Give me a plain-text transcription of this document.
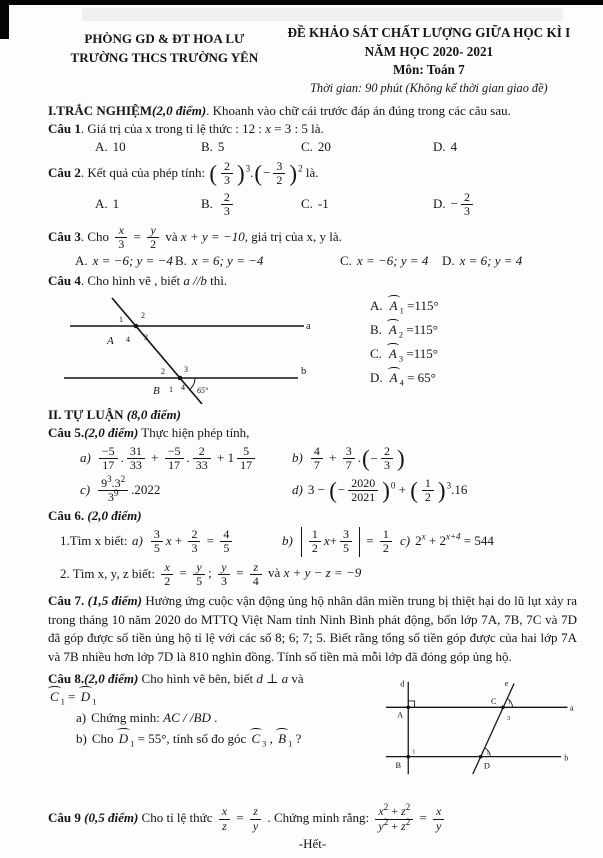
PHÒNG GD & ĐT HOA LƯ
TRƯỜNG THCS TRƯỜNG YÊN
ĐỀ KHẢO SÁT CHẤT LƯỢNG GIỮA HỌC KÌ I
NĂM HỌC 2020- 2021
Môn: Toán 7
Thời gian: 90 phút (Không kể thời gian giao đề)
I.TRẮC NGHIỆM(2,0 điểm). Khoanh vào chữ cái trước đáp án đúng trong các câu sau.
Câu 1. Giá trị của x trong tỉ lệ thức : 12 : x = 3 : 5 là.
A. 10	B. 5	C. 20	D. 4
Câu 2. Kết quả của phép tính: ( $\frac{2}{3}$ ) $^3$. ( − $\frac{3}{2}$ ) $^2$ là.
A. 1	B. $\frac{2}{3}$	C. -1	D. − $\frac{2}{3}$
Câu 3. Cho $\frac{x}{3} = \frac{y}{2}$ và x + y = −10, giá trị của x, y là.
A. x = −6; y = −4 B. x = 6; y = −4	C. x = −6; y = 4	D. x = 6; y = 4
Câu 4. Cho hình vẽ , biết a //b thì.
a
b
A
1 2
3
4
2 3
B 1 4 65°
A. A $_1$ =115°
B. A $_2$ =115°
C. A $_3$ =115°
D. A $_4$ = 65°
II. TỰ LUẬN (8,0 điểm)
Câu 5.(2,0 điểm) Thực hiện phép tính,
$a) \frac{-5}{17}$ . $\frac{31}{33} + \frac{-5}{17}$ . $\frac{2}{33} + 1 \frac{5}{17}$	$b) \frac{4}{7} + \frac{3}{7}$ . ( − $\frac{2}{3}$ )
$c) \frac{9^3.3^2}{3^9} .2022$	d) 3 − ( − $\frac{2020}{2021}$ ) $^0$ + ( $\frac{1}{2}$ ) $^3$.16
Câu 6. (2,0 điểm)
1.Tìm x biết: $a) \frac{3}{5}$ $x + \frac{2}{3} = \frac{4}{5}$	$b) \frac{1}{2}$ $x + \frac{3}{5} = \frac{1}{2} c$) $2^x + 2^{x+4} = 544$
2. Tìm x, y, z biết: $\frac{x}{2} = \frac{y}{5}$ ; $\frac{y}{3} = \frac{z}{4}$ và x + y − z = −9
Câu 7. (1,5 điểm) Hưởng ứng cuộc vận động ủng hộ nhân dân miền trung bị thiệt hại do lũ lụt xảy ra trong tháng 10 năm 2020 do MTTQ Việt Nam tỉnh Ninh Bình phát động, bốn lớp 7A, 7B, 7C và 7D đã góp được số tiền ủng hộ tỉ lệ với các số 8; 6; 7; 5. Biết rằng tổng số tiền góp được của hai lớp 7A và 7B nhiều hơn lớp 7D là 810 nghìn đồng. Tính số tiền mà mỗi lớp đã đóng góp ủng hộ.
Câu 8.(2,0 điểm) Cho hình vẽ bên, biết d ⊥ a và
C $_1$ = D $_1$
a) Chứng minh: AC / /BD .
b) Cho D $_1$ = 55°, tính số đo góc C $_3$ , B $_1$ ?
d	e
a
b
A
B
C
D
1
1
3
1
Câu 9 (0,5 điểm) Cho tỉ lệ thức $\frac{x}{z} = \frac{z}{y}$ . Chứng minh rằng: $\frac{x^2 + z^2}{y^2 + z^2} = \frac{x}{y}$
-Hết-
